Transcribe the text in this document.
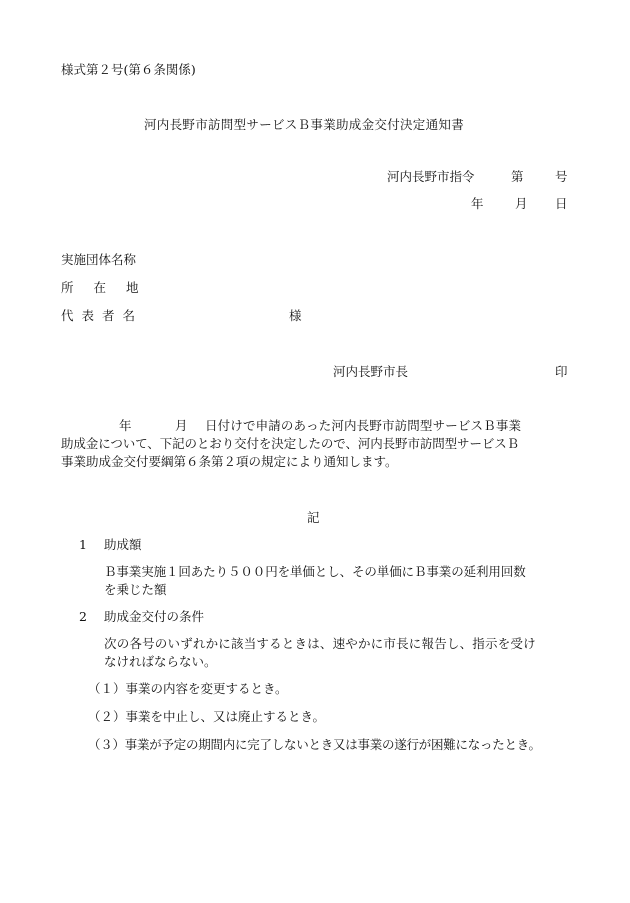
様式第２号(第６条関係)
河内長野市訪問型サービスＢ事業助成金交付決定通知書
河内長野市指令	第	号
年	月 日
実施団体名称
所 在 地
代 表 者 名	様
河内長野市長	印
年	月 日付けで申請のあった河内長野市訪問型サービスＢ事業
助成金について、下記のとおり交付を決定したので、河内長野市訪問型サービスＢ
事業助成金交付要綱第６条第２項の規定により通知します。
記
1 助成額
Ｂ事業実施１回あたり５００円を単価とし、その単価にＢ事業の延利用回数
を乗じた額
2 助成金交付の条件
次の各号のいずれかに該当するときは、速やかに市長に報告し、指示を受け
なければならない。
（１）事業の内容を変更するとき。
（２）事業を中止し、又は廃止するとき。
（３）事業が予定の期間内に完了しないとき又は事業の遂行が困難になったとき。
